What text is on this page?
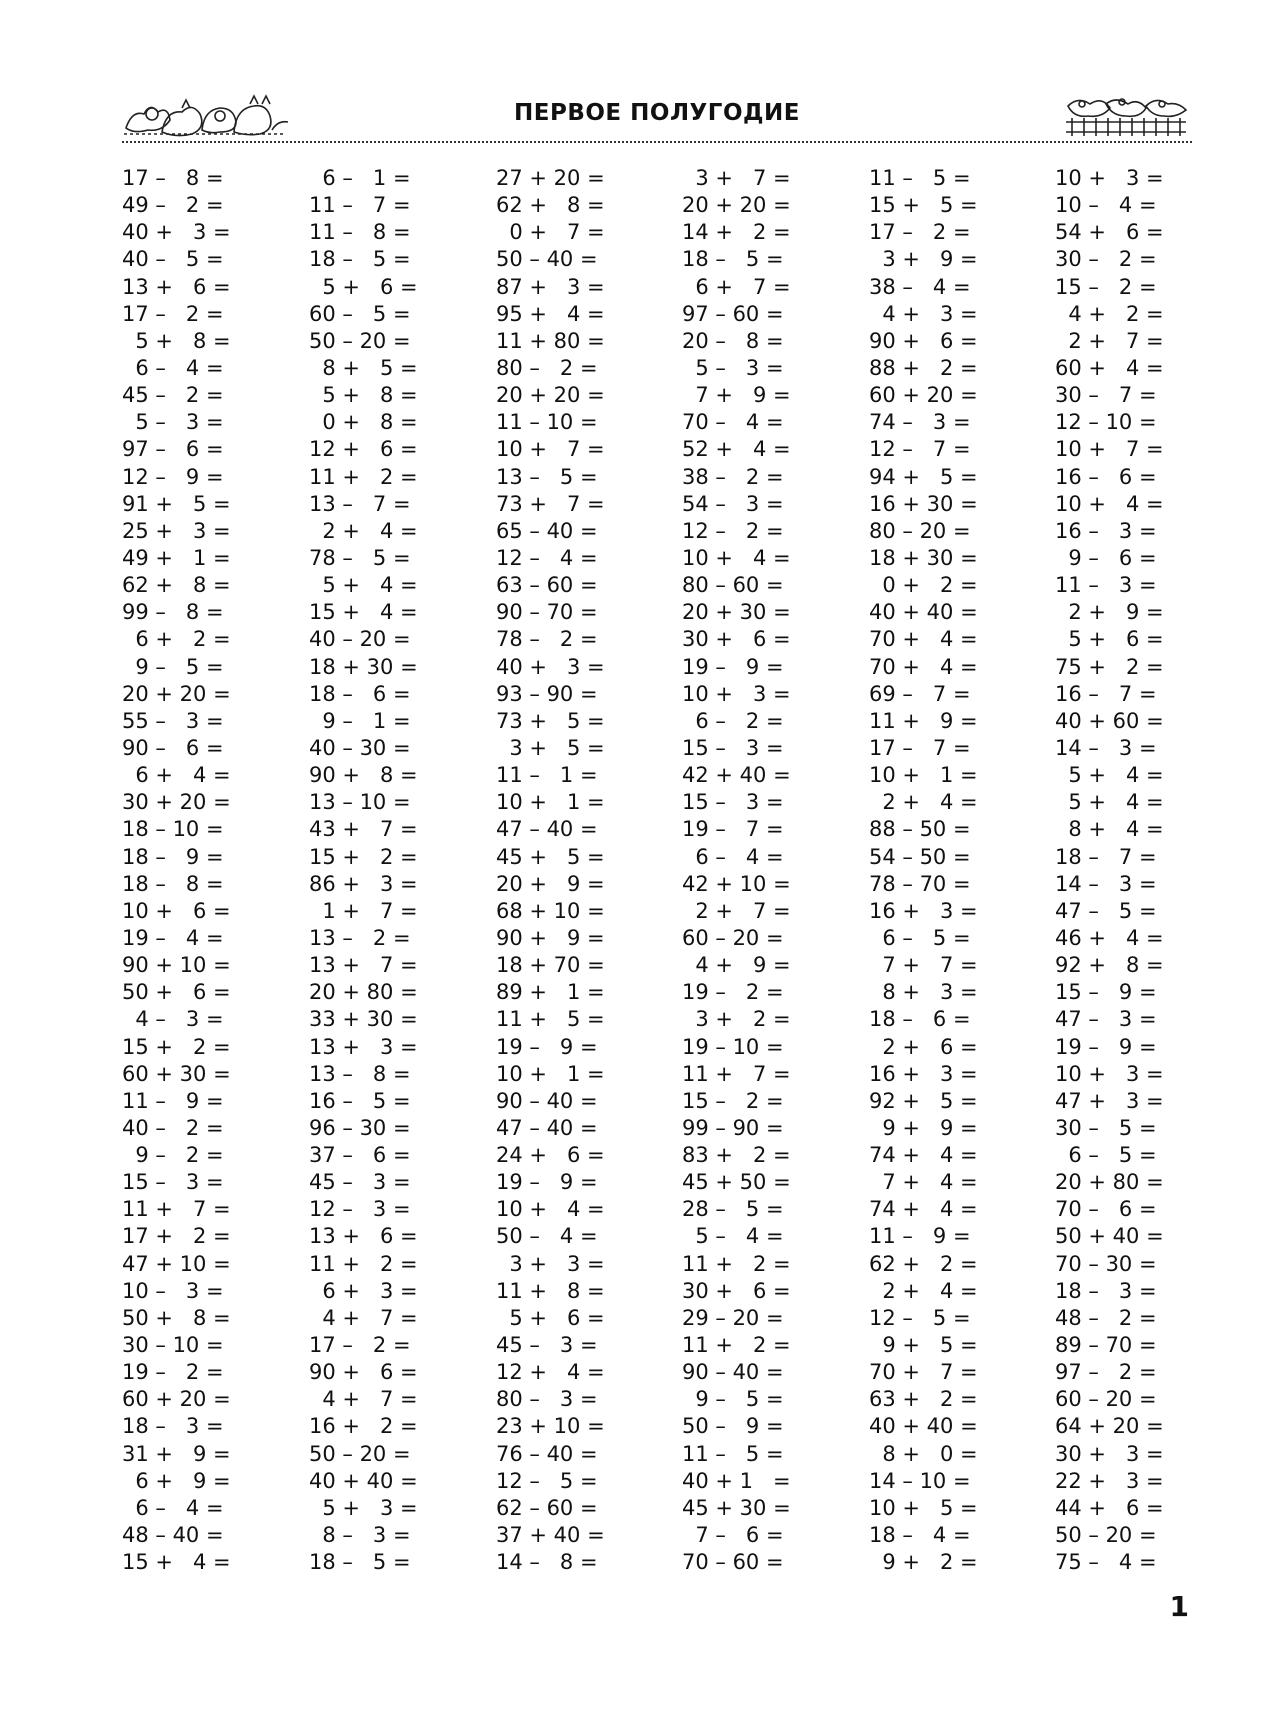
ПЕРВОЕ ПОЛУГОДИЕ
17 –   8 =
49 –   2 =
40 +   3 =
40 –   5 =
13 +   6 =
17 –   2 =
5 +   8 =
6 –   4 =
45 –   2 =
5 –   3 =
97 –   6 =
12 –   9 =
91 +   5 =
25 +   3 =
49 +   1 =
62 +   8 =
99 –   8 =
6 +   2 =
9 –   5 =
20 + 20 =
55 –   3 =
90 –   6 =
6 +   4 =
30 + 20 =
18 – 10 =
18 –   9 =
18 –   8 =
10 +   6 =
19 –   4 =
90 + 10 =
50 +   6 =
4 –   3 =
15 +   2 =
60 + 30 =
11 –   9 =
40 –   2 =
9 –   2 =
15 –   3 =
11 +   7 =
17 +   2 =
47 + 10 =
10 –   3 =
50 +   8 =
30 – 10 =
19 –   2 =
60 + 20 =
18 –   3 =
31 +   9 =
6 +   9 =
6 –   4 =
48 – 40 =
15 +   4 =
6 –   1 =
11 –   7 =
11 –   8 =
18 –   5 =
5 +   6 =
60 –   5 =
50 – 20 =
8 +   5 =
5 +   8 =
0 +   8 =
12 +   6 =
11 +   2 =
13 –   7 =
2 +   4 =
78 –   5 =
5 +   4 =
15 +   4 =
40 – 20 =
18 + 30 =
18 –   6 =
9 –   1 =
40 – 30 =
90 +   8 =
13 – 10 =
43 +   7 =
15 +   2 =
86 +   3 =
1 +   7 =
13 –   2 =
13 +   7 =
20 + 80 =
33 + 30 =
13 +   3 =
13 –   8 =
16 –   5 =
96 – 30 =
37 –   6 =
45 –   3 =
12 –   3 =
13 +   6 =
11 +   2 =
6 +   3 =
4 +   7 =
17 –   2 =
90 +   6 =
4 +   7 =
16 +   2 =
50 – 20 =
40 + 40 =
5 +   3 =
8 –   3 =
18 –   5 =
27 + 20 =
62 +   8 =
0 +   7 =
50 – 40 =
87 +   3 =
95 +   4 =
11 + 80 =
80 –   2 =
20 + 20 =
11 – 10 =
10 +   7 =
13 –   5 =
73 +   7 =
65 – 40 =
12 –   4 =
63 – 60 =
90 – 70 =
78 –   2 =
40 +   3 =
93 – 90 =
73 +   5 =
3 +   5 =
11 –   1 =
10 +   1 =
47 – 40 =
45 +   5 =
20 +   9 =
68 + 10 =
90 +   9 =
18 + 70 =
89 +   1 =
11 +   5 =
19 –   9 =
10 +   1 =
90 – 40 =
47 – 40 =
24 +   6 =
19 –   9 =
10 +   4 =
50 –   4 =
3 +   3 =
11 +   8 =
5 +   6 =
45 –   3 =
12 +   4 =
80 –   3 =
23 + 10 =
76 – 40 =
12 –   5 =
62 – 60 =
37 + 40 =
14 –   8 =
3 +   7 =
20 + 20 =
14 +   2 =
18 –   5 =
6 +   7 =
97 – 60 =
20 –   8 =
5 –   3 =
7 +   9 =
70 –   4 =
52 +   4 =
38 –   2 =
54 –   3 =
12 –   2 =
10 +   4 =
80 – 60 =
20 + 30 =
30 +   6 =
19 –   9 =
10 +   3 =
6 –   2 =
15 –   3 =
42 + 40 =
15 –   3 =
19 –   7 =
6 –   4 =
42 + 10 =
2 +   7 =
60 – 20 =
4 +   9 =
19 –   2 =
3 +   2 =
19 – 10 =
11 +   7 =
15 –   2 =
99 – 90 =
83 +   2 =
45 + 50 =
28 –   5 =
5 –   4 =
11 +   2 =
30 +   6 =
29 – 20 =
11 +   2 =
90 – 40 =
9 –   5 =
50 –   9 =
11 –   5 =
40 + 1   =
45 + 30 =
7 –   6 =
70 – 60 =
11 –   5 =
15 +   5 =
17 –   2 =
3 +   9 =
38 –   4 =
4 +   3 =
90 +   6 =
88 +   2 =
60 + 20 =
74 –   3 =
12 –   7 =
94 +   5 =
16 + 30 =
80 – 20 =
18 + 30 =
0 +   2 =
40 + 40 =
70 +   4 =
70 +   4 =
69 –   7 =
11 +   9 =
17 –   7 =
10 +   1 =
2 +   4 =
88 – 50 =
54 – 50 =
78 – 70 =
16 +   3 =
6 –   5 =
7 +   7 =
8 +   3 =
18 –   6 =
2 +   6 =
16 +   3 =
92 +   5 =
9 +   9 =
74 +   4 =
7 +   4 =
74 +   4 =
11 –   9 =
62 +   2 =
2 +   4 =
12 –   5 =
9 +   5 =
70 +   7 =
63 +   2 =
40 + 40 =
8 +   0 =
14 – 10 =
10 +   5 =
18 –   4 =
9 +   2 =
10 +   3 =
10 –   4 =
54 +   6 =
30 –   2 =
15 –   2 =
4 +   2 =
2 +   7 =
60 +   4 =
30 –   7 =
12 – 10 =
10 +   7 =
16 –   6 =
10 +   4 =
16 –   3 =
9 –   6 =
11 –   3 =
2 +   9 =
5 +   6 =
75 +   2 =
16 –   7 =
40 + 60 =
14 –   3 =
5 +   4 =
5 +   4 =
8 +   4 =
18 –   7 =
14 –   3 =
47 –   5 =
46 +   4 =
92 +   8 =
15 –   9 =
47 –   3 =
19 –   9 =
10 +   3 =
47 +   3 =
30 –   5 =
6 –   5 =
20 + 80 =
70 –   6 =
50 + 40 =
70 – 30 =
18 –   3 =
48 –   2 =
89 – 70 =
97 –   2 =
60 – 20 =
64 + 20 =
30 +   3 =
22 +   3 =
44 +   6 =
50 – 20 =
75 –   4 =
1
